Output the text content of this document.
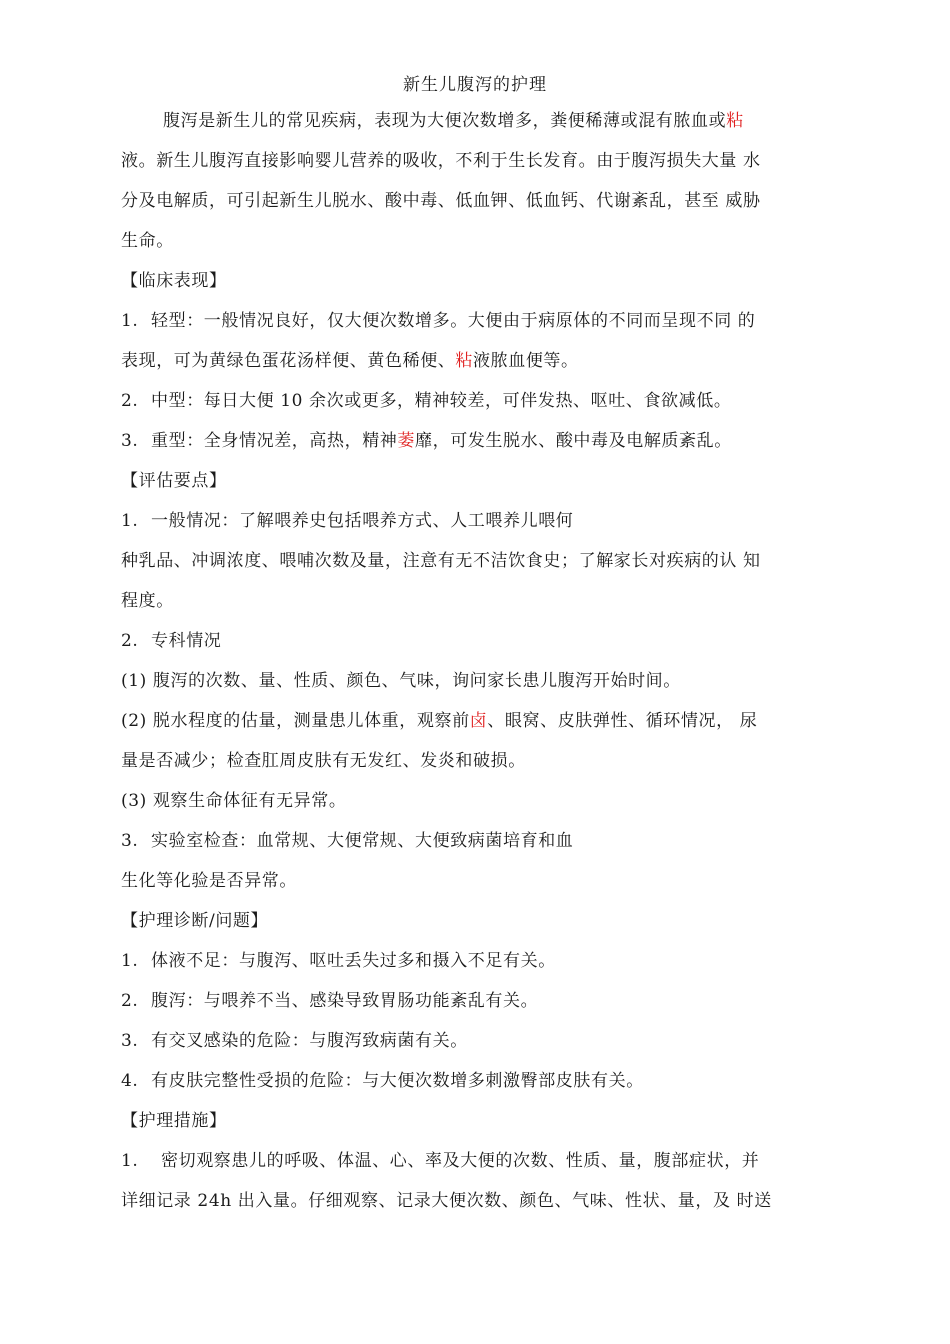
新生儿腹泻的护理
腹泻是新生儿的常见疾病，表现为大便次数增多，粪便稀薄或混有脓血或粘
液。新生儿腹泻直接影响婴儿营养的吸收，不利于生长发育。由于腹泻损失大量 水
分及电解质，可引起新生儿脱水、酸中毒、低血钾、低血钙、代谢紊乱，甚至 威胁
生命。
【临床表现】
1. 轻型：一般情况良好，仅大便次数增多。大便由于病原体的不同而呈现不同 的
表现，可为黄绿色蛋花汤样便、黄色稀便、粘液脓血便等。
2. 中型：每日大便 10 余次或更多，精神较差，可伴发热、呕吐、食欲减低。
3. 重型：全身情况差，高热，精神萎靡，可发生脱水、酸中毒及电解质紊乱。
【评估要点】
1. 一般情况：了解喂养史包括喂养方式、人工喂养儿喂何
种乳品、冲调浓度、喂哺次数及量，注意有无不洁饮食史；了解家长对疾病的认 知
程度。
2. 专科情况
(1) 腹泻的次数、量、性质、颜色、气味，询问家长患儿腹泻开始时间。
(2) 脱水程度的估量，测量患儿体重，观察前卤、眼窝、皮肤弹性、循环情况， 尿
量是否减少；检查肛周皮肤有无发红、发炎和破损。
(3) 观察生命体征有无异常。
3. 实验室检查：血常规、大便常规、大便致病菌培育和血
生化等化验是否异常。
【护理诊断/问题】
1. 体液不足：与腹泻、呕吐丢失过多和摄入不足有关。
2. 腹泻：与喂养不当、感染导致胃肠功能紊乱有关。
3. 有交叉感染的危险：与腹泻致病菌有关。
4. 有皮肤完整性受损的危险：与大便次数增多刺激臀部皮肤有关。
【护理措施】
1. 密切观察患儿的呼吸、体温、心、率及大便的次数、性质、量，腹部症状，并
详细记录 24h 出入量。仔细观察、记录大便次数、颜色、气味、性状、量，及 时送
